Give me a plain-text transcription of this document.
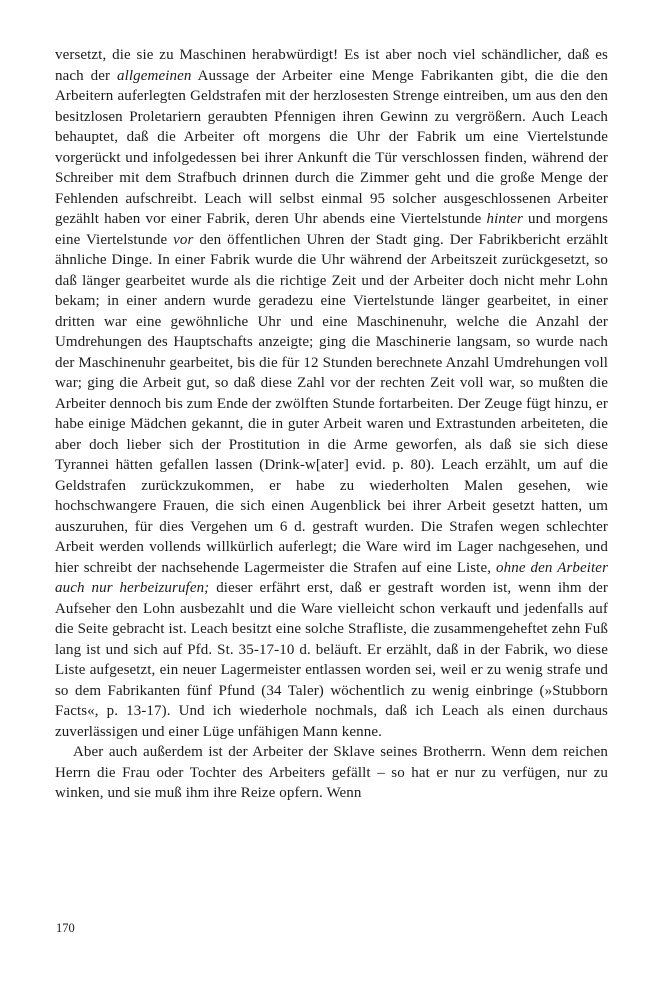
versetzt, die sie zu Maschinen herabwürdigt! Es ist aber noch viel schändlicher, daß es nach der allgemeinen Aussage der Arbeiter eine Menge Fabrikanten gibt, die die den Arbeitern auferlegten Geldstrafen mit der herzlosesten Strenge eintreiben, um aus den den besitzlosen Proletariern geraubten Pfennigen ihren Gewinn zu vergrößern. Auch Leach behauptet, daß die Arbeiter oft morgens die Uhr der Fabrik um eine Viertelstunde vorgerückt und infolgedessen bei ihrer Ankunft die Tür verschlossen finden, während der Schreiber mit dem Strafbuch drinnen durch die Zimmer geht und die große Menge der Fehlenden aufschreibt. Leach will selbst einmal 95 solcher ausgeschlossenen Arbeiter gezählt haben vor einer Fabrik, deren Uhr abends eine Viertelstunde hinter und morgens eine Viertelstunde vor den öffentlichen Uhren der Stadt ging. Der Fabrikbericht erzählt ähnliche Dinge. In einer Fabrik wurde die Uhr während der Arbeitszeit zurückgesetzt, so daß länger gearbeitet wurde als die richtige Zeit und der Arbeiter doch nicht mehr Lohn bekam; in einer andern wurde geradezu eine Viertelstunde länger gearbeitet, in einer dritten war eine gewöhnliche Uhr und eine Maschinenuhr, welche die Anzahl der Umdrehungen des Hauptschafts anzeigte; ging die Maschinerie langsam, so wurde nach der Maschinenuhr gearbeitet, bis die für 12 Stunden berechnete Anzahl Umdrehungen voll war; ging die Arbeit gut, so daß diese Zahl vor der rechten Zeit voll war, so mußten die Arbeiter dennoch bis zum Ende der zwölften Stunde fortarbeiten. Der Zeuge fügt hinzu, er habe einige Mädchen gekannt, die in guter Arbeit waren und Extrastunden arbeiteten, die aber doch lieber sich der Prostitution in die Arme geworfen, als daß sie sich diese Tyrannei hätten gefallen lassen (Drink-w[ater] evid. p. 80). Leach erzählt, um auf die Geldstrafen zurückzukommen, er habe zu wiederholten Malen gesehen, wie hochschwangere Frauen, die sich einen Augenblick bei ihrer Arbeit gesetzt hatten, um auszuruhen, für dies Vergehen um 6 d. gestraft wurden. Die Strafen wegen schlechter Arbeit werden vollends willkürlich auferlegt; die Ware wird im Lager nachgesehen, und hier schreibt der nachsehende Lagermeister die Strafen auf eine Liste, ohne den Arbeiter auch nur herbeizurufen; dieser erfährt erst, daß er gestraft worden ist, wenn ihm der Aufseher den Lohn ausbezahlt und die Ware vielleicht schon verkauft und jedenfalls auf die Seite gebracht ist. Leach besitzt eine solche Strafliste, die zusammengeheftet zehn Fuß lang ist und sich auf Pfd. St. 35-17-10 d. beläuft. Er erzählt, daß in der Fabrik, wo diese Liste aufgesetzt, ein neuer Lagermeister entlassen worden sei, weil er zu wenig strafe und so dem Fabrikanten fünf Pfund (34 Taler) wöchentlich zu wenig einbringe (»Stubborn Facts«, p. 13-17). Und ich wiederhole nochmals, daß ich Leach als einen durchaus zuverlässigen und einer Lüge unfähigen Mann kenne.

Aber auch außerdem ist der Arbeiter der Sklave seines Brotherrn. Wenn dem reichen Herrn die Frau oder Tochter des Arbeiters gefällt – so hat er nur zu verfügen, nur zu winken, und sie muß ihm ihre Reize opfern. Wenn

170
